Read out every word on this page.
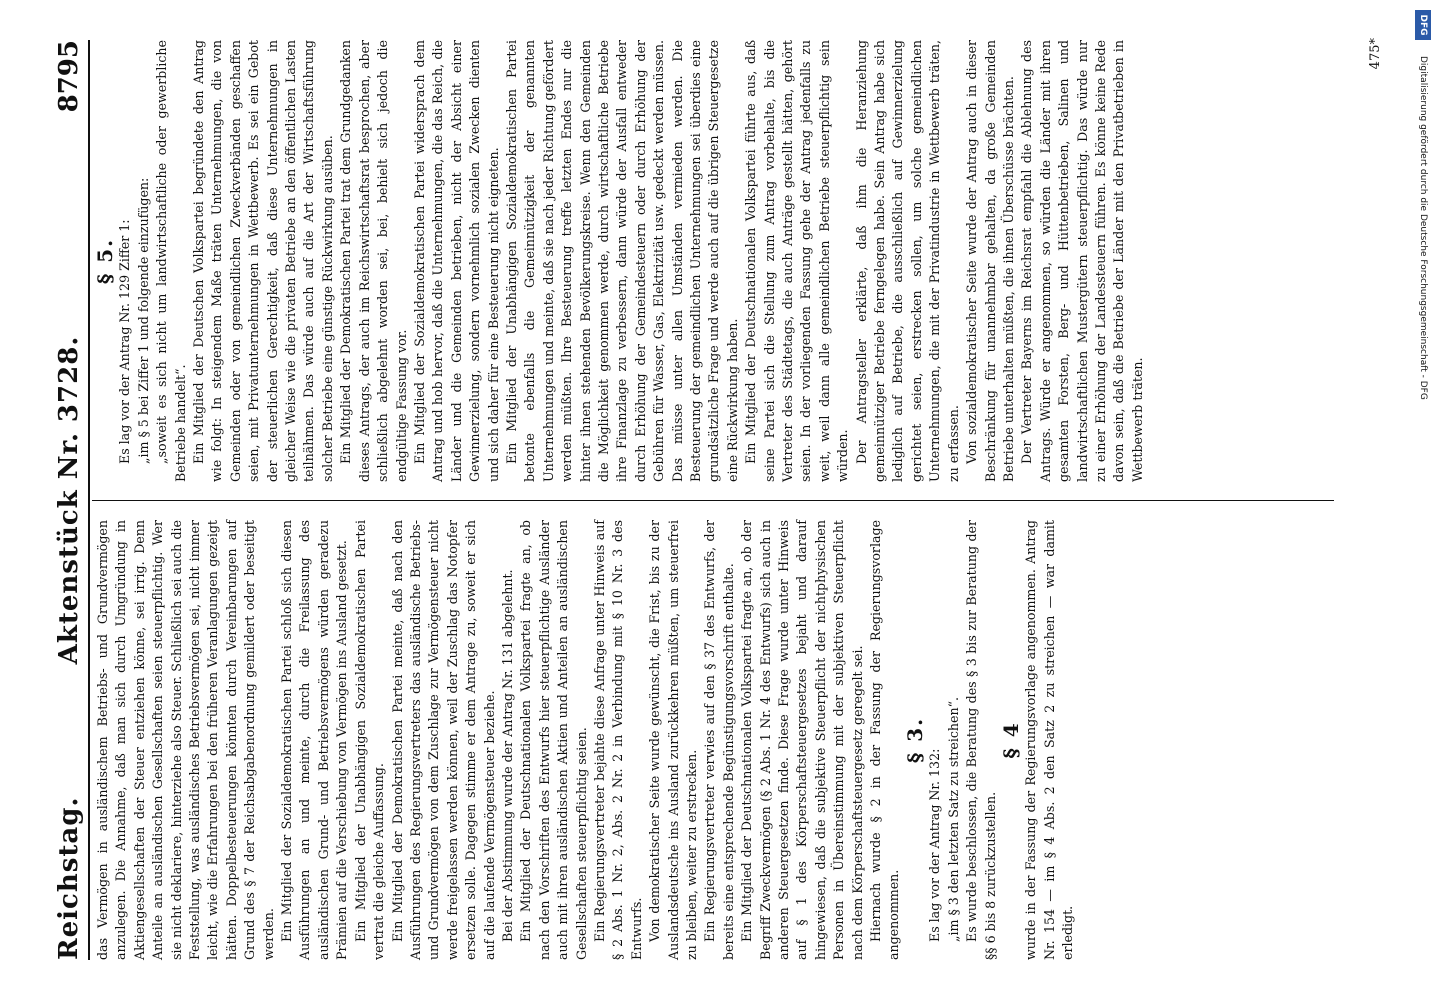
Reichstag.
Aktenstück Nr. 3728.
8795

das Vermögen in ausländischem Betriebs- und Grundvermögen anzulegen. Die Annahme, daß man sich durch Umgründung in Aktiengesellschaften der Steuer entziehen könne, sei irrig. Denn Anteile an ausländischen Gesellschaften seien steuerpflichtig. Wer sie nicht deklariere, hinterziehe also Steuer. Schließlich sei auch die Feststellung, was ausländisches Betriebsvermögen sei, nicht immer leicht, wie die Erfahrungen bei den früheren Veranlagungen gezeigt hätten. Doppelbesteuerungen könnten durch Vereinbarungen auf Grund des § 7 der Reichsabgabenordnung gemildert oder beseitigt werden. Ein Mitglied der Sozialdemokratischen Partei schloß sich diesen Ausführungen an und meinte, durch die Freilassung des ausländischen Grund- und Betriebsvermögens würden geradezu Prämien auf die Verschiebung von Vermögen ins Ausland gesetzt. Ein Mitglied der Unabhängigen Sozialdemokratischen Partei vertrat die gleiche Auffassung. Ein Mitglied der Demokratischen Partei meinte, daß nach den Ausführungen des Regierungsvertreters das ausländische Betriebs- und Grundvermögen von dem Zuschlage zur Vermögensteuer nicht werde freigelassen werden können, weil der Zuschlag das Notopfer ersetzen solle. Dagegen stimme er dem Antrage zu, soweit er sich auf die laufende Vermögensteuer beziehe. Bei der Abstimmung wurde der Antrag Nr. 131 abgelehnt. Ein Mitglied der Deutschnationalen Volkspartei fragte an, ob nach den Vorschriften des Entwurfs hier steuerpflichtige Ausländer auch mit ihren ausländischen Aktien und Anteilen an ausländischen Gesellschaften steuerpflichtig seien. Ein Regierungsvertreter bejahte diese Anfrage unter Hinweis auf § 2 Abs. 1 Nr. 2, Abs. 2 Nr. 2 in Verbindung mit § 10 Nr. 3 des Entwurfs. Von demokratischer Seite wurde gewünscht, die Frist, bis zu der Auslandsdeutsche ins Ausland zurückkehren müßten, um steuerfrei zu bleiben, weiter zu erstrecken. Ein Regierungsvertreter verwies auf den § 37 des Entwurfs, der bereits eine entsprechende Begünstigungsvorschrift enthalte. Ein Mitglied der Deutschnationalen Volkspartei fragte an, ob der Begriff Zweckvermögen (§ 2 Abs. 1 Nr. 4 des Entwurfs) sich auch in anderen Steuergesetzen finde. Diese Frage wurde unter Hinweis auf § 1 des Körperschaftsteuergesetzes bejaht und darauf hingewiesen, daß die subjektive Steuerpflicht der nichtphysischen Personen in Übereinstimmung mit der subjektiven Steuerpflicht nach dem Körperschaftsteuergesetz geregelt sei. Hiernach wurde § 2 in der Fassung der Regierungsvorlage angenommen.

§ 3.

Es lag vor der Antrag Nr. 132: „im § 3 den letzten Satz zu streichen“. Es wurde beschlossen, die Beratung des § 3 bis zur Beratung der §§ 6 bis 8 zurückzustellen.

§ 4 wurde in der Fassung der Regierungsvorlage angenommen. Antrag Nr. 154 — im § 4 Abs. 2 den Satz 2 zu streichen — war damit erledigt.

§ 5. Es lag vor der Antrag Nr. 129 Ziffer 1: „im § 5 bei Ziffer 1 und folgende einzufügen: „soweit es sich nicht um landwirtschaftliche oder gewerbliche Betriebe handelt“. Ein Mitglied der Deutschen Volkspartei begründete den Antrag wie folgt: In steigendem Maße träten Unternehmungen, die von Gemeinden oder von gemeindlichen Zweckverbänden geschaffen seien, mit Privatunternehmungen in Wettbewerb. Es sei ein Gebot der steuerlichen Gerechtigkeit, daß diese Unternehmungen in gleicher Weise wie die privaten Betriebe an den öffentlichen Lasten teilnähmen. Das würde auch auf die Art der Wirtschaftsführung solcher Betriebe eine günstige Rückwirkung ausüben. Ein Mitglied der Demokratischen Partei trat dem Grundgedanken dieses Antrags, der auch im Reichswirtschaftsrat besprochen, aber schließlich abgelehnt worden sei, bei, behielt sich jedoch die endgültige Fassung vor. Ein Mitglied der Sozialdemokratischen Partei widersprach dem Antrag und hob hervor, daß die Unternehmungen, die das Reich, die Länder und die Gemeinden betrieben, nicht der Absicht einer Gewinnerzielung, sondern vornehmlich sozialen Zwecken dienten und sich daher für eine Besteuerung nicht eigneten. Ein Mitglied der Unabhängigen Sozialdemokratischen Partei betonte ebenfalls die Gemeinnützigkeit der genannten Unternehmungen und meinte, daß sie nach jeder Richtung gefördert werden müßten. Ihre Besteuerung treffe letzten Endes nur die hinter ihnen stehenden Bevölkerungskreise. Wenn den Gemeinden die Möglichkeit genommen werde, durch wirtschaftliche Betriebe ihre Finanzlage zu verbessern, dann würde der Ausfall entweder durch Erhöhung der Gemeindesteuern oder durch Erhöhung der Gebühren für Wasser, Gas, Elektrizität usw. gedeckt werden müssen. Das müsse unter allen Umständen vermieden werden. Die Besteuerung der gemeindlichen Unternehmungen sei überdies eine grundsätzliche Frage und werde auch auf die übrigen Steuergesetze eine Rückwirkung haben. Ein Mitglied der Deutschnationalen Volkspartei führte aus, daß seine Partei sich die Stellung zum Antrag vorbehalte, bis die Vertreter des Städtetags, die auch Anträge gestellt hätten, gehört seien. In der vorliegenden Fassung gehe der Antrag jedenfalls zu weit, weil dann alle gemeindlichen Betriebe steuerpflichtig sein würden. Der Antragsteller erklärte, daß ihm die Heranziehung gemeinnütziger Betriebe ferngelegen habe. Sein Antrag habe sich lediglich auf Betriebe, die ausschließlich auf Gewinnerzielung gerichtet seien, erstrecken sollen, um solche gemeindlichen Unternehmungen, die mit der Privatindustrie in Wettbewerb träten, zu erfassen. Von sozialdemokratischer Seite wurde der Antrag auch in dieser Beschränkung für unannehmbar gehalten, da große Gemeinden Betriebe unterhalten müßten, die ihnen Überschüsse brächten. Der Vertreter Bayerns im Reichsrat empfahl die Ablehnung des Antrags. Würde er angenommen, so würden die Länder mit ihren gesamten Forsten, Berg- und Hüttenbetrieben, Salinen und landwirtschaftlichen Mustergütern steuerpflichtig. Das würde nur zu einer Erhöhung der Landessteuern führen. Es könne keine Rede davon sein, daß die Betriebe der Länder mit den Privatbetrieben in Wettbewerb träten.

475*
DFG
Digitalisierung gefördert durch die Deutsche Forschungsgemeinschaft - DFG
